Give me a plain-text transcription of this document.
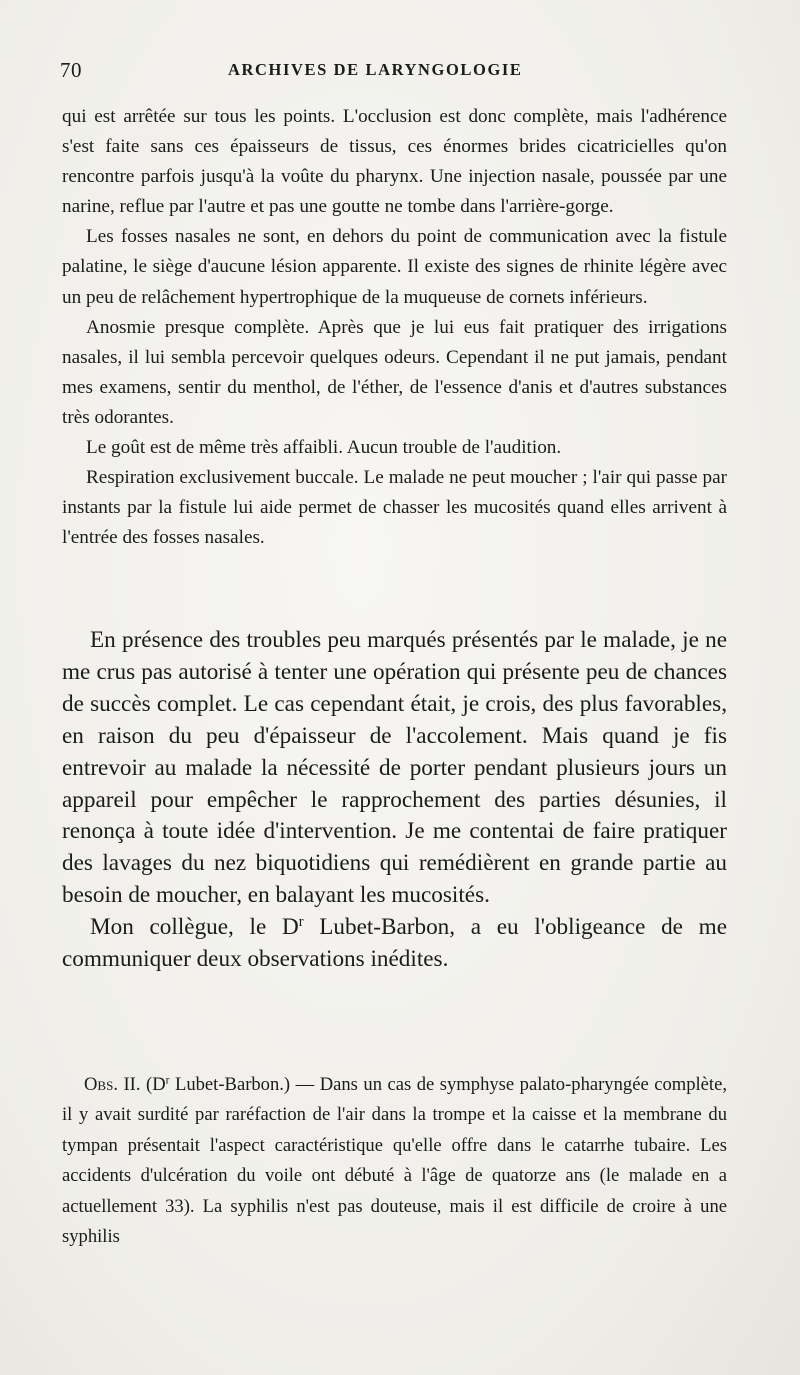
70	ARCHIVES DE LARYNGOLOGIE

qui est arrêtée sur tous les points. L'occlusion est donc complète, mais l'adhérence s'est faite sans ces épaisseurs de tissus, ces énormes brides cicatricielles qu'on rencontre parfois jusqu'à la voûte du pharynx. Une injection nasale, poussée par une narine, reflue par l'autre et pas une goutte ne tombe dans l'arrière-gorge.

Les fosses nasales ne sont, en dehors du point de communication avec la fistule palatine, le siège d'aucune lésion apparente. Il existe des signes de rhinite légère avec un peu de relâchement hypertrophique de la muqueuse de cornets inférieurs.

Anosmie presque complète. Après que je lui eus fait pratiquer des irrigations nasales, il lui sembla percevoir quelques odeurs. Cependant il ne put jamais, pendant mes examens, sentir du menthol, de l'éther, de l'essence d'anis et d'autres substances très odorantes.

Le goût est de même très affaibli. Aucun trouble de l'audition.

Respiration exclusivement buccale. Le malade ne peut moucher ; l'air qui passe par instants par la fistule lui aide permet de chasser les mucosités quand elles arrivent à l'entrée des fosses nasales.

En présence des troubles peu marqués présentés par le malade, je ne me crus pas autorisé à tenter une opération qui présente peu de chances de succès complet. Le cas cependant était, je crois, des plus favorables, en raison du peu d'épaisseur de l'accolement. Mais quand je fis entrevoir au malade la nécessité de porter pendant plusieurs jours un appareil pour empêcher le rapprochement des parties désunies, il renonça à toute idée d'intervention. Je me contentai de faire pratiquer des lavages du nez biquotidiens qui remédièrent en grande partie au besoin de moucher, en balayant les mucosités.

Mon collègue, le $D^r$ Lubet-Barbon, a eu l'obligeance de me communiquer deux observations inédites.

Obs. II. ($D^r$ Lubet-Barbon.) — Dans un cas de symphyse palato-pharyngée complète, il y avait surdité par raréfaction de l'air dans la trompe et la caisse et la membrane du tympan présentait l'aspect caractéristique qu'elle offre dans le catarrhe tubaire. Les accidents d'ulcération du voile ont débuté à l'âge de quatorze ans (le malade en a actuellement 33). La syphilis n'est pas douteuse, mais il est difficile de croire à une syphilis
